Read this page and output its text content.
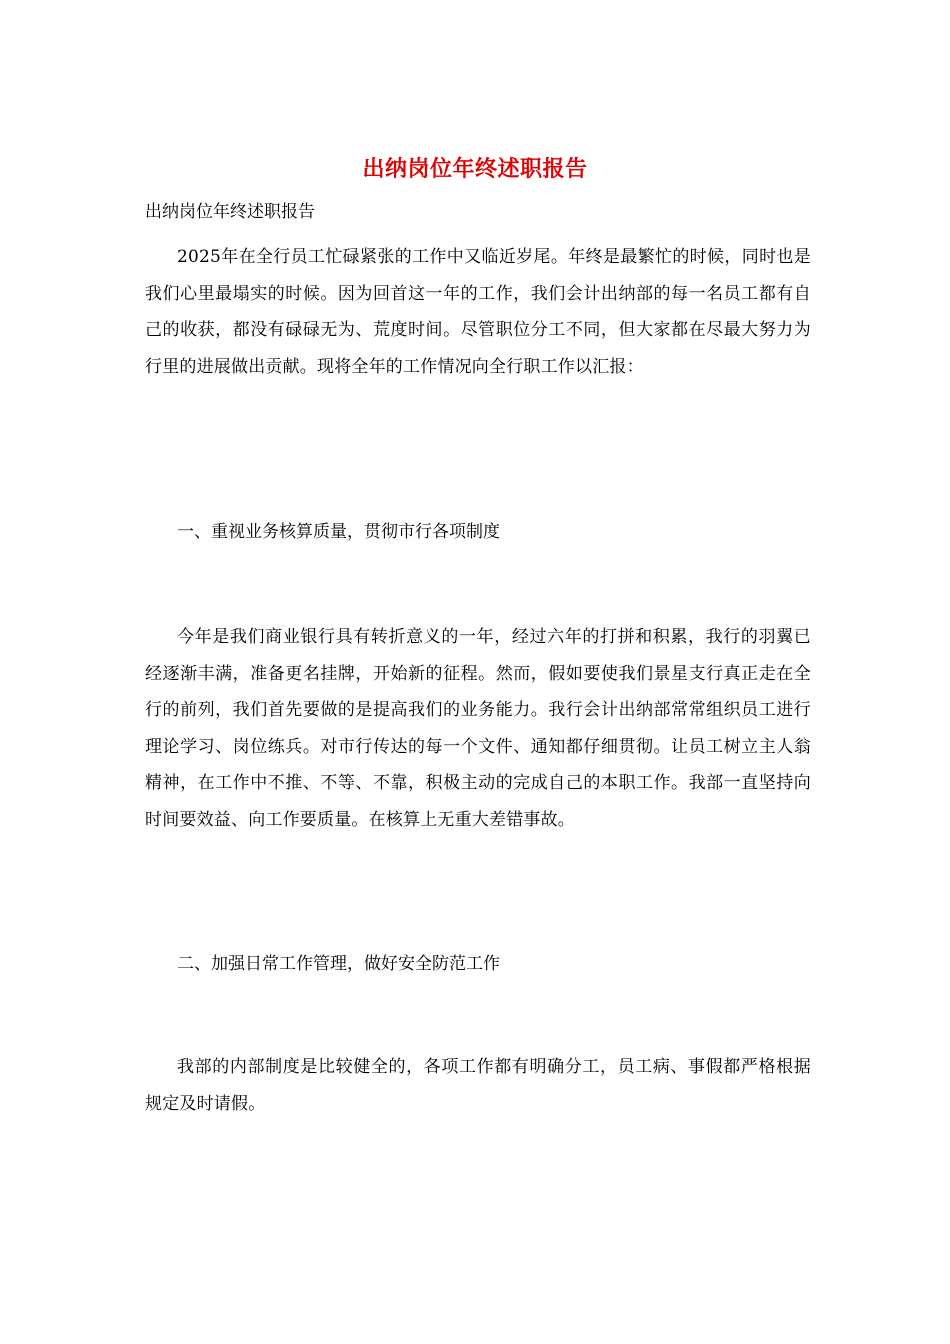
出纳岗位年终述职报告
出纳岗位年终述职报告
2025年在全行员工忙碌紧张的工作中又临近岁尾。年终是最繁忙的时候，同时也是我们心里最塌实的时候。因为回首这一年的工作，我们会计出纳部的每一名员工都有自己的收获，都没有碌碌无为、荒度时间。尽管职位分工不同，但大家都在尽最大努力为行里的进展做出贡献。现将全年的工作情况向全行职工作以汇报：
一、重视业务核算质量，贯彻市行各项制度
今年是我们商业银行具有转折意义的一年，经过六年的打拼和积累，我行的羽翼已经逐渐丰满，准备更名挂牌，开始新的征程。然而，假如要使我们景星支行真正走在全行的前列，我们首先要做的是提高我们的业务能力。我行会计出纳部常常组织员工进行理论学习、岗位练兵。对市行传达的每一个文件、通知都仔细贯彻。让员工树立主人翁精神，在工作中不推、不等、不靠，积极主动的完成自己的本职工作。我部一直坚持向时间要效益、向工作要质量。在核算上无重大差错事故。
二、加强日常工作管理，做好安全防范工作
我部的内部制度是比较健全的，各项工作都有明确分工，员工病、事假都严格根据规定及时请假。
